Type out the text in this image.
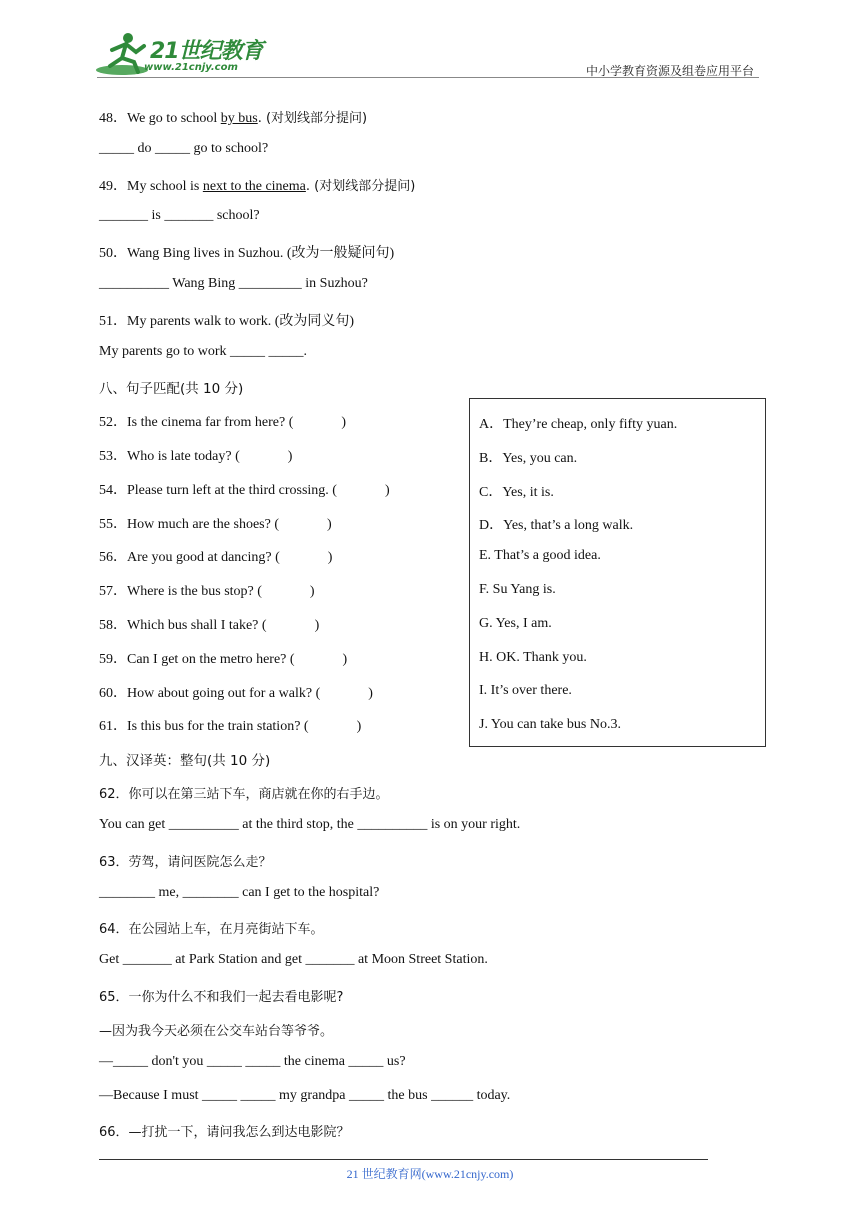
21世纪教育
www.21cnjy.com	中小学教育资源及组卷应用平台
48．We go to school by bus. (对划线部分提问)
_____ do _____ go to school?
49．My school is next to the cinema. (对划线部分提问)
_______ is _______ school?
50．Wang Bing lives in Suzhou. (改为一般疑问句)
__________ Wang Bing _________ in Suzhou?
51．My parents walk to work. (改为同义句)
My parents go to work _____ _____.
八、句子匹配(共 10 分)
52．Is the cinema far from here? (	)
53．Who is late today? (	)
54．Please turn left at the third crossing. (	)
55．How much are the shoes? (	)
56．Are you good at dancing? (	)
57．Where is the bus stop? (	)
58．Which bus shall I take? (	)
59．Can I get on the metro here? (	)
60．How about going out for a walk? (	)
61．Is this bus for the train station? (	)
A．They’re cheap, only fifty yuan.
B．Yes, you can.
C．Yes, it is.
D．Yes, that’s a long walk.
E. That’s a good idea.
F. Su Yang is.
G. Yes, I am.
H. OK. Thank you.
I. It’s over there.
J. You can take bus No.3.
九、汉译英：整句(共 10 分)
62．你可以在第三站下车，商店就在你的右手边。
You can get __________ at the third stop, the __________ is on your right.
63．劳驾，请问医院怎么走？
________ me, ________ can I get to the hospital?
64．在公园站上车，在月亮街站下车。
Get _______ at Park Station and get _______ at Moon Street Station.
65．一你为什么不和我们一起去看电影呢?
—因为我今天必须在公交车站台等爷爷。
—_____ don't you _____ _____ the cinema _____ us?
—Because I must _____ _____ my grandpa _____ the bus ______ today.
66．—打扰一下，请问我怎么到达电影院？
21 世纪教育网(www.21cnjy.com)
